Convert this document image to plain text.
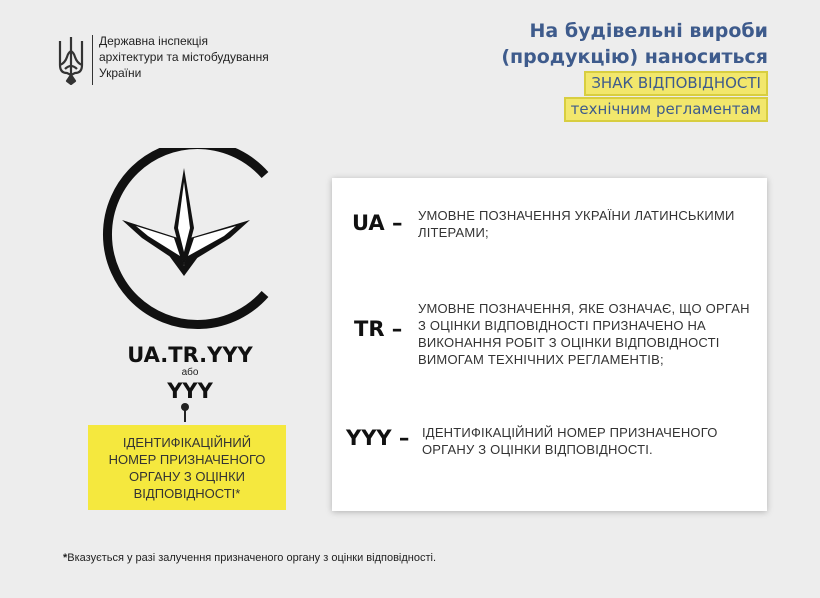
Державна інспекція
архітектури та містобудування
України
На будівельні вироби
(продукцію) наноситься
ЗНАК ВІДПОВІДНОСТІ
технічним регламентам
UA.TR.YYY
або
YYY
ІДЕНТИФІКАЦІЙНИЙ НОМЕР ПРИЗНАЧЕНОГО ОРГАНУ З ОЦІНКИ ВІДПОВІДНОСТІ*
UA – УМОВНЕ ПОЗНАЧЕННЯ УКРАЇНИ ЛАТИНСЬКИМИ ЛІТЕРАМИ;
TR –
УМОВНЕ ПОЗНАЧЕННЯ, ЯКЕ ОЗНАЧАЄ, ЩО ОРГАН З ОЦІНКИ ВІДПОВІДНОСТІ ПРИЗНАЧЕНО НА ВИКОНАННЯ РОБІТ З ОЦІНКИ ВІДПОВІДНОСТІ ВИМОГАМ ТЕХНІЧНИХ РЕГЛАМЕНТІВ;
YYY – ІДЕНТИФІКАЦІЙНИЙ НОМЕР ПРИЗНАЧЕНОГО ОРГАНУ З ОЦІНКИ ВІДПОВІДНОСТІ.
*Вказується у разі залучення призначеного органу з оцінки відповідності.
